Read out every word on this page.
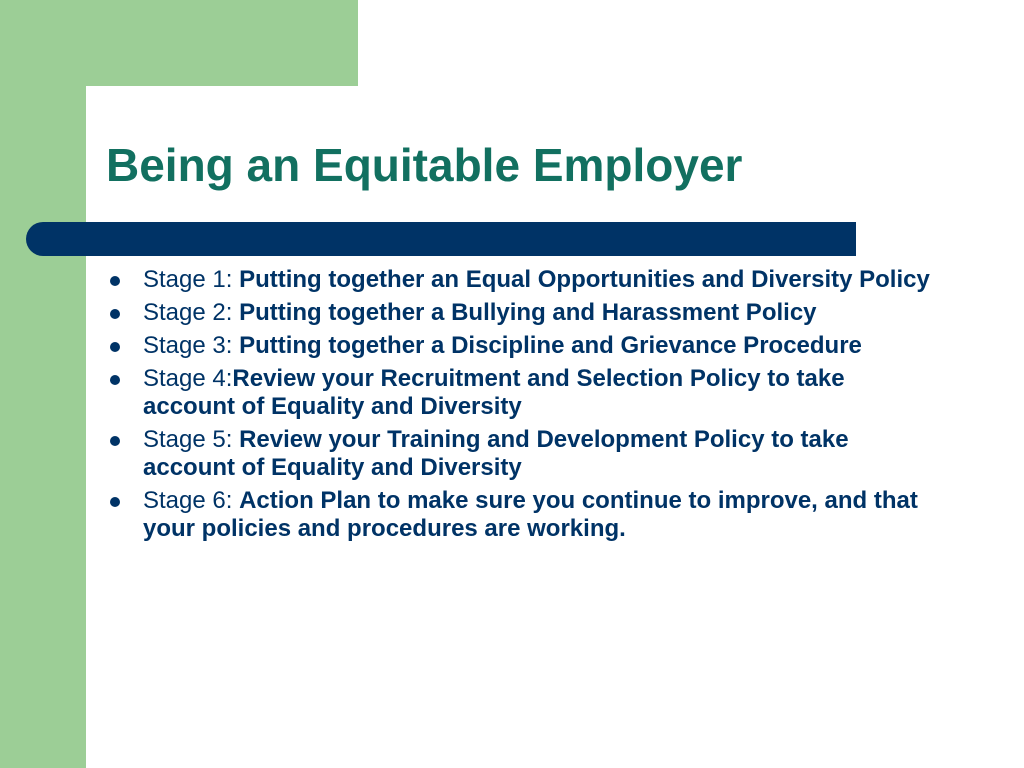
Being an Equitable Employer
Stage 1: Putting together an Equal Opportunities and Diversity Policy
Stage 2: Putting together a Bullying and Harassment Policy
Stage 3: Putting together a Discipline and Grievance Procedure
Stage 4:Review your Recruitment and Selection Policy to take account of Equality and Diversity
Stage 5: Review your Training and Development Policy to take account of Equality and Diversity
Stage 6: Action Plan to make sure you continue to improve, and that your policies and procedures are working.
